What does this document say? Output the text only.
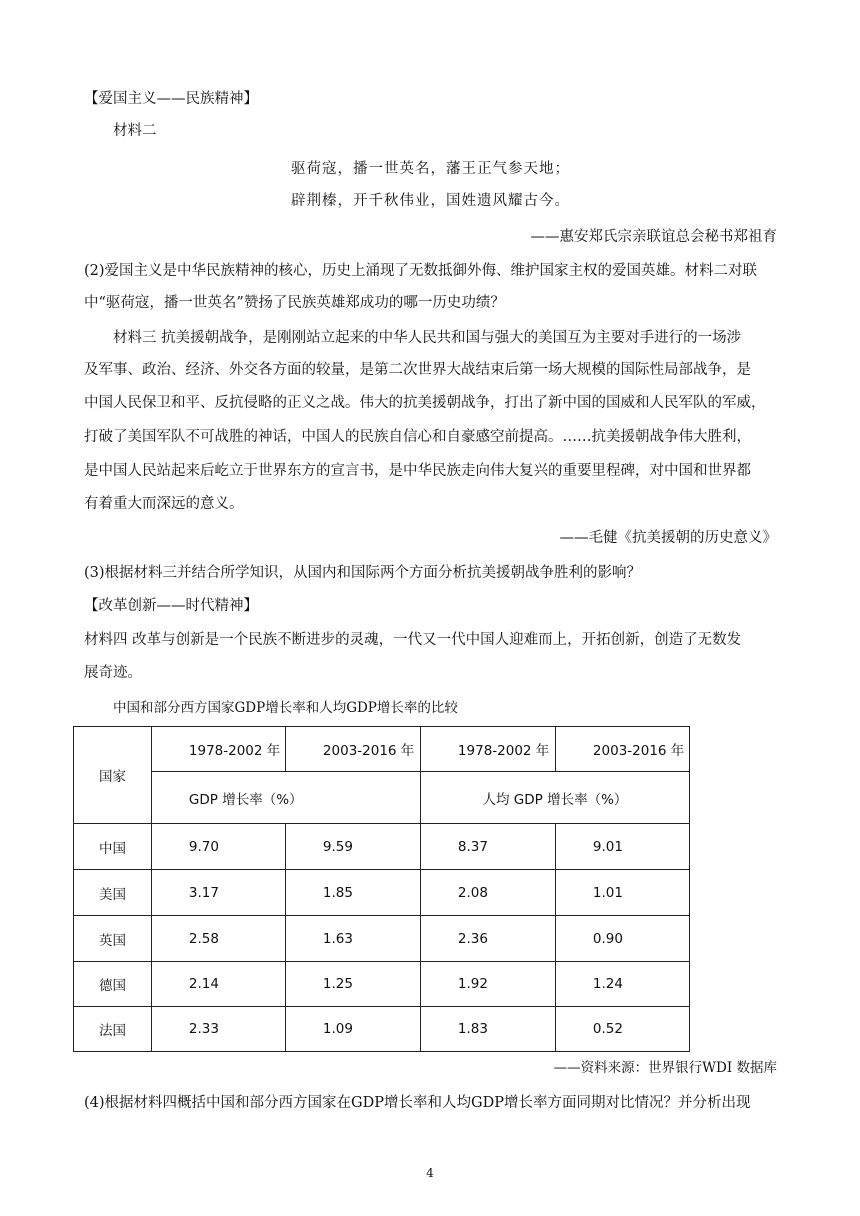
【爱国主义——民族精神】
材料二
驱荷寇，播一世英名，藩王正气参天地；
辟荆榛，开千秋伟业，国姓遗风耀古今。
——惠安郑氏宗亲联谊总会秘书郑祖育
(2)爱国主义是中华民族精神的核心，历史上涌现了无数抵御外侮、维护国家主权的爱国英雄。材料二对联
中“驱荷寇，播一世英名”赞扬了民族英雄郑成功的哪一历史功绩？
材料三 抗美援朝战争，是刚刚站立起来的中华人民共和国与强大的美国互为主要对手进行的一场涉
及军事、政治、经济、外交各方面的较量，是第二次世界大战结束后第一场大规模的国际性局部战争，是
中国人民保卫和平、反抗侵略的正义之战。伟大的抗美援朝战争，打出了新中国的国威和人民军队的军威，
打破了美国军队不可战胜的神话，中国人的民族自信心和自豪感空前提高。……抗美援朝战争伟大胜利，
是中国人民站起来后屹立于世界东方的宣言书，是中华民族走向伟大复兴的重要里程碑，对中国和世界都
有着重大而深远的意义。
——毛健《抗美援朝的历史意义》
(3)根据材料三并结合所学知识，从国内和国际两个方面分析抗美援朝战争胜利的影响？
【改革创新——时代精神】
材料四 改革与创新是一个民族不断进步的灵魂，一代又一代中国人迎难而上，开拓创新，创造了无数发
展奇迹。
中国和部分西方国家GDP增长率和人均GDP增长率的比较
国家	1978-2002 年	2003-2016 年	1978-2002 年	2003-2016 年
	GDP 增长率（%）		人均 GDP 增长率（%）	
中国	9.70	9.59	8.37	9.01
美国	3.17	1.85	2.08	1.01
英国	2.58	1.63	2.36	0.90
德国	2.14	1.25	1.92	1.24
法国	2.33	1.09	1.83	0.52
——资料来源：世界银行WDI 数据库
(4)根据材料四概括中国和部分西方国家在GDP增长率和人均GDP增长率方面同期对比情况？并分析出现
4
